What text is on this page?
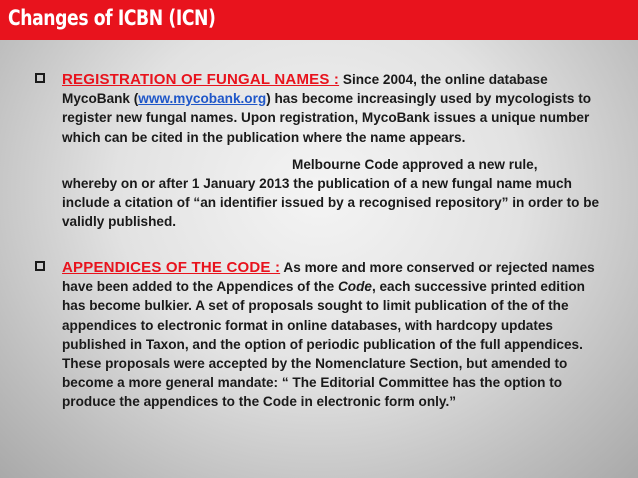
Changes of ICBN (ICN)
REGISTRATION OF FUNGAL NAMES : Since 2004, the online database MycoBank (www.mycobank.org) has become increasingly used by mycologists to register new fungal names. Upon registration, MycoBank issues a unique number which can be cited in the publication where the name appears.
Melbourne Code approved a new rule,
whereby on or after 1 January 2013 the publication of a new fungal name much include a citation of “an identifier issued by a recognised repository” in order to be validly published.
APPENDICES OF THE CODE : As more and more conserved or rejected names have been added to the Appendices of the Code, each successive printed edition has become bulkier. A set of proposals sought to limit publication of the of the appendices to electronic format in online databases, with hardcopy updates published in Taxon, and the option of periodic publication of the full appendices. These proposals were accepted by the Nomenclature Section, but amended to become a more general mandate: “ The Editorial Committee has the option to produce the appendices to the Code in electronic form only.”
